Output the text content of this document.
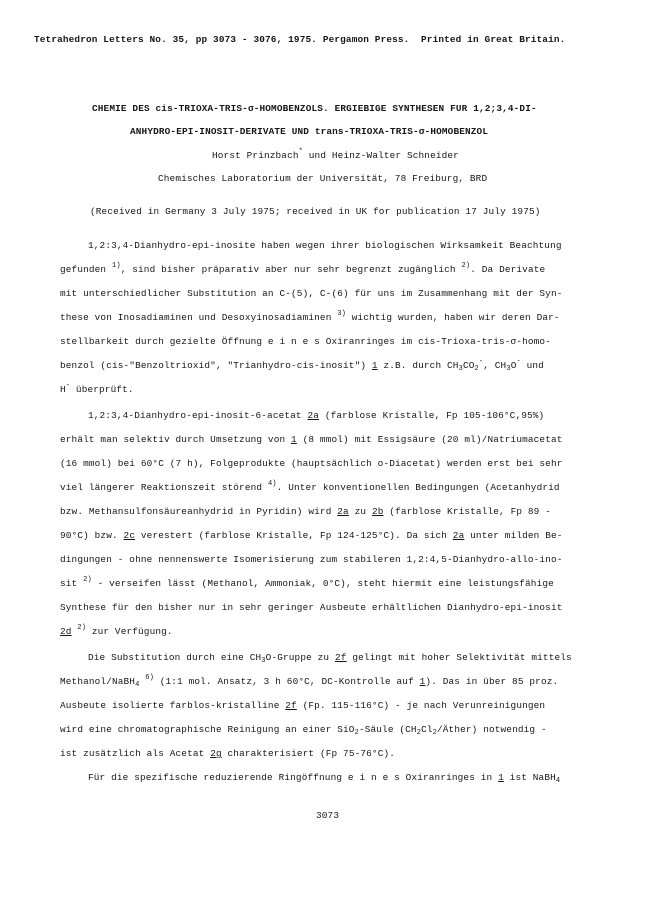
Tetrahedron Letters No. 35, pp 3073 - 3076, 1975. Pergamon Press. Printed in Great Britain.
CHEMIE DES cis-TRIOXA-TRIS-σ-HOMOBENZOLS. ERGIEBIGE SYNTHESEN FUR 1,2;3,4-DI-
ANHYDRO-EPI-INOSIT-DERIVATE UND trans-TRIOXA-TRIS-σ-HOMOBENZOL
Horst Prinzbach* und Heinz-Walter Schneider
Chemisches Laboratorium der Universität, 78 Freiburg, BRD
(Received in Germany 3 July 1975; received in UK for publication 17 July 1975)
1,2:3,4-Dianhydro-epi-inosite haben wegen ihrer biologischen Wirksamkeit Beachtung
gefunden $^{1)}$, sind bisher präparativ aber nur sehr begrenzt zugänglich $^{2)}$. Da Derivate
mit unterschiedlicher Substitution an C-(5), C-(6) für uns im Zusammenhang mit der Syn-
these von Inosadiaminen und Desoxyinosadiaminen $^{3)}$ wichtig wurden, haben wir deren Dar-
stellbarkeit durch gezielte Öffnung e i n e s Oxiranringes im cis-Trioxa-tris-σ-homo-
benzol (cis-"Benzoltrioxid", "Trianhydro-cis-inosit") 1 z.B. durch $CH_3CO_2^-$, $CH_3O^-$ und
H- überprüft.
1,2:3,4-Dianhydro-epi-inosit-6-acetat 2a (farblose Kristalle, Fp 105-106°C,95%)
erhält man selektiv durch Umsetzung von 1 (8 mmol) mit Essigsäure (20 ml)/Natriumacetat
(16 mmol) bei 60°C (7 h), Folgeprodukte (hauptsächlich o-Diacetat) werden erst bei sehr
viel längerer Reaktionszeit störend $^{4)}$. Unter konventionellen Bedingungen (Acetanhydrid
bzw. Methansulfonsäureanhydrid in Pyridin) wird 2a zu 2b (farblose Kristalle, Fp 89 -
90°C) bzw. 2c verestert (farblose Kristalle, Fp 124-125°C). Da sich 2a unter milden Be-
dingungen - ohne nennenswerte Isomerisierung zum stabileren 1,2:4,5-Dianhydro-allo-ino-
sit $^{2)}$ - verseifen lässt (Methanol, Ammoniak, 0°C), steht hiermit eine leistungsfähige
Synthese für den bisher nur in sehr geringer Ausbeute erhältlichen Dianhydro-epi-inosit
2d $^{2)}$ zur Verfügung.
Die Substitution durch eine $CH_3O$-Gruppe zu 2f gelingt mit hoher Selektivität mittels
Methanol/NaBH$_4$ $^{6)}$ (1:1 mol. Ansatz, 3 h 60°C, DC-Kontrolle auf 1). Das in über 85 proz.
Ausbeute isolierte farblos-kristalline 2f (Fp. 115-116°C) - je nach Verunreinigungen
wird eine chromatographische Reinigung an einer SiO$_2$-Säule $(CH_2Cl_2/Äther)$ notwendig -
ist zusätzlich als Acetat 2g charakterisiert (Fp 75-76°C).
Für die spezifische reduzierende Ringöffnung e i n e s Oxiranringes in 1 ist NaBH$_4$
3073
